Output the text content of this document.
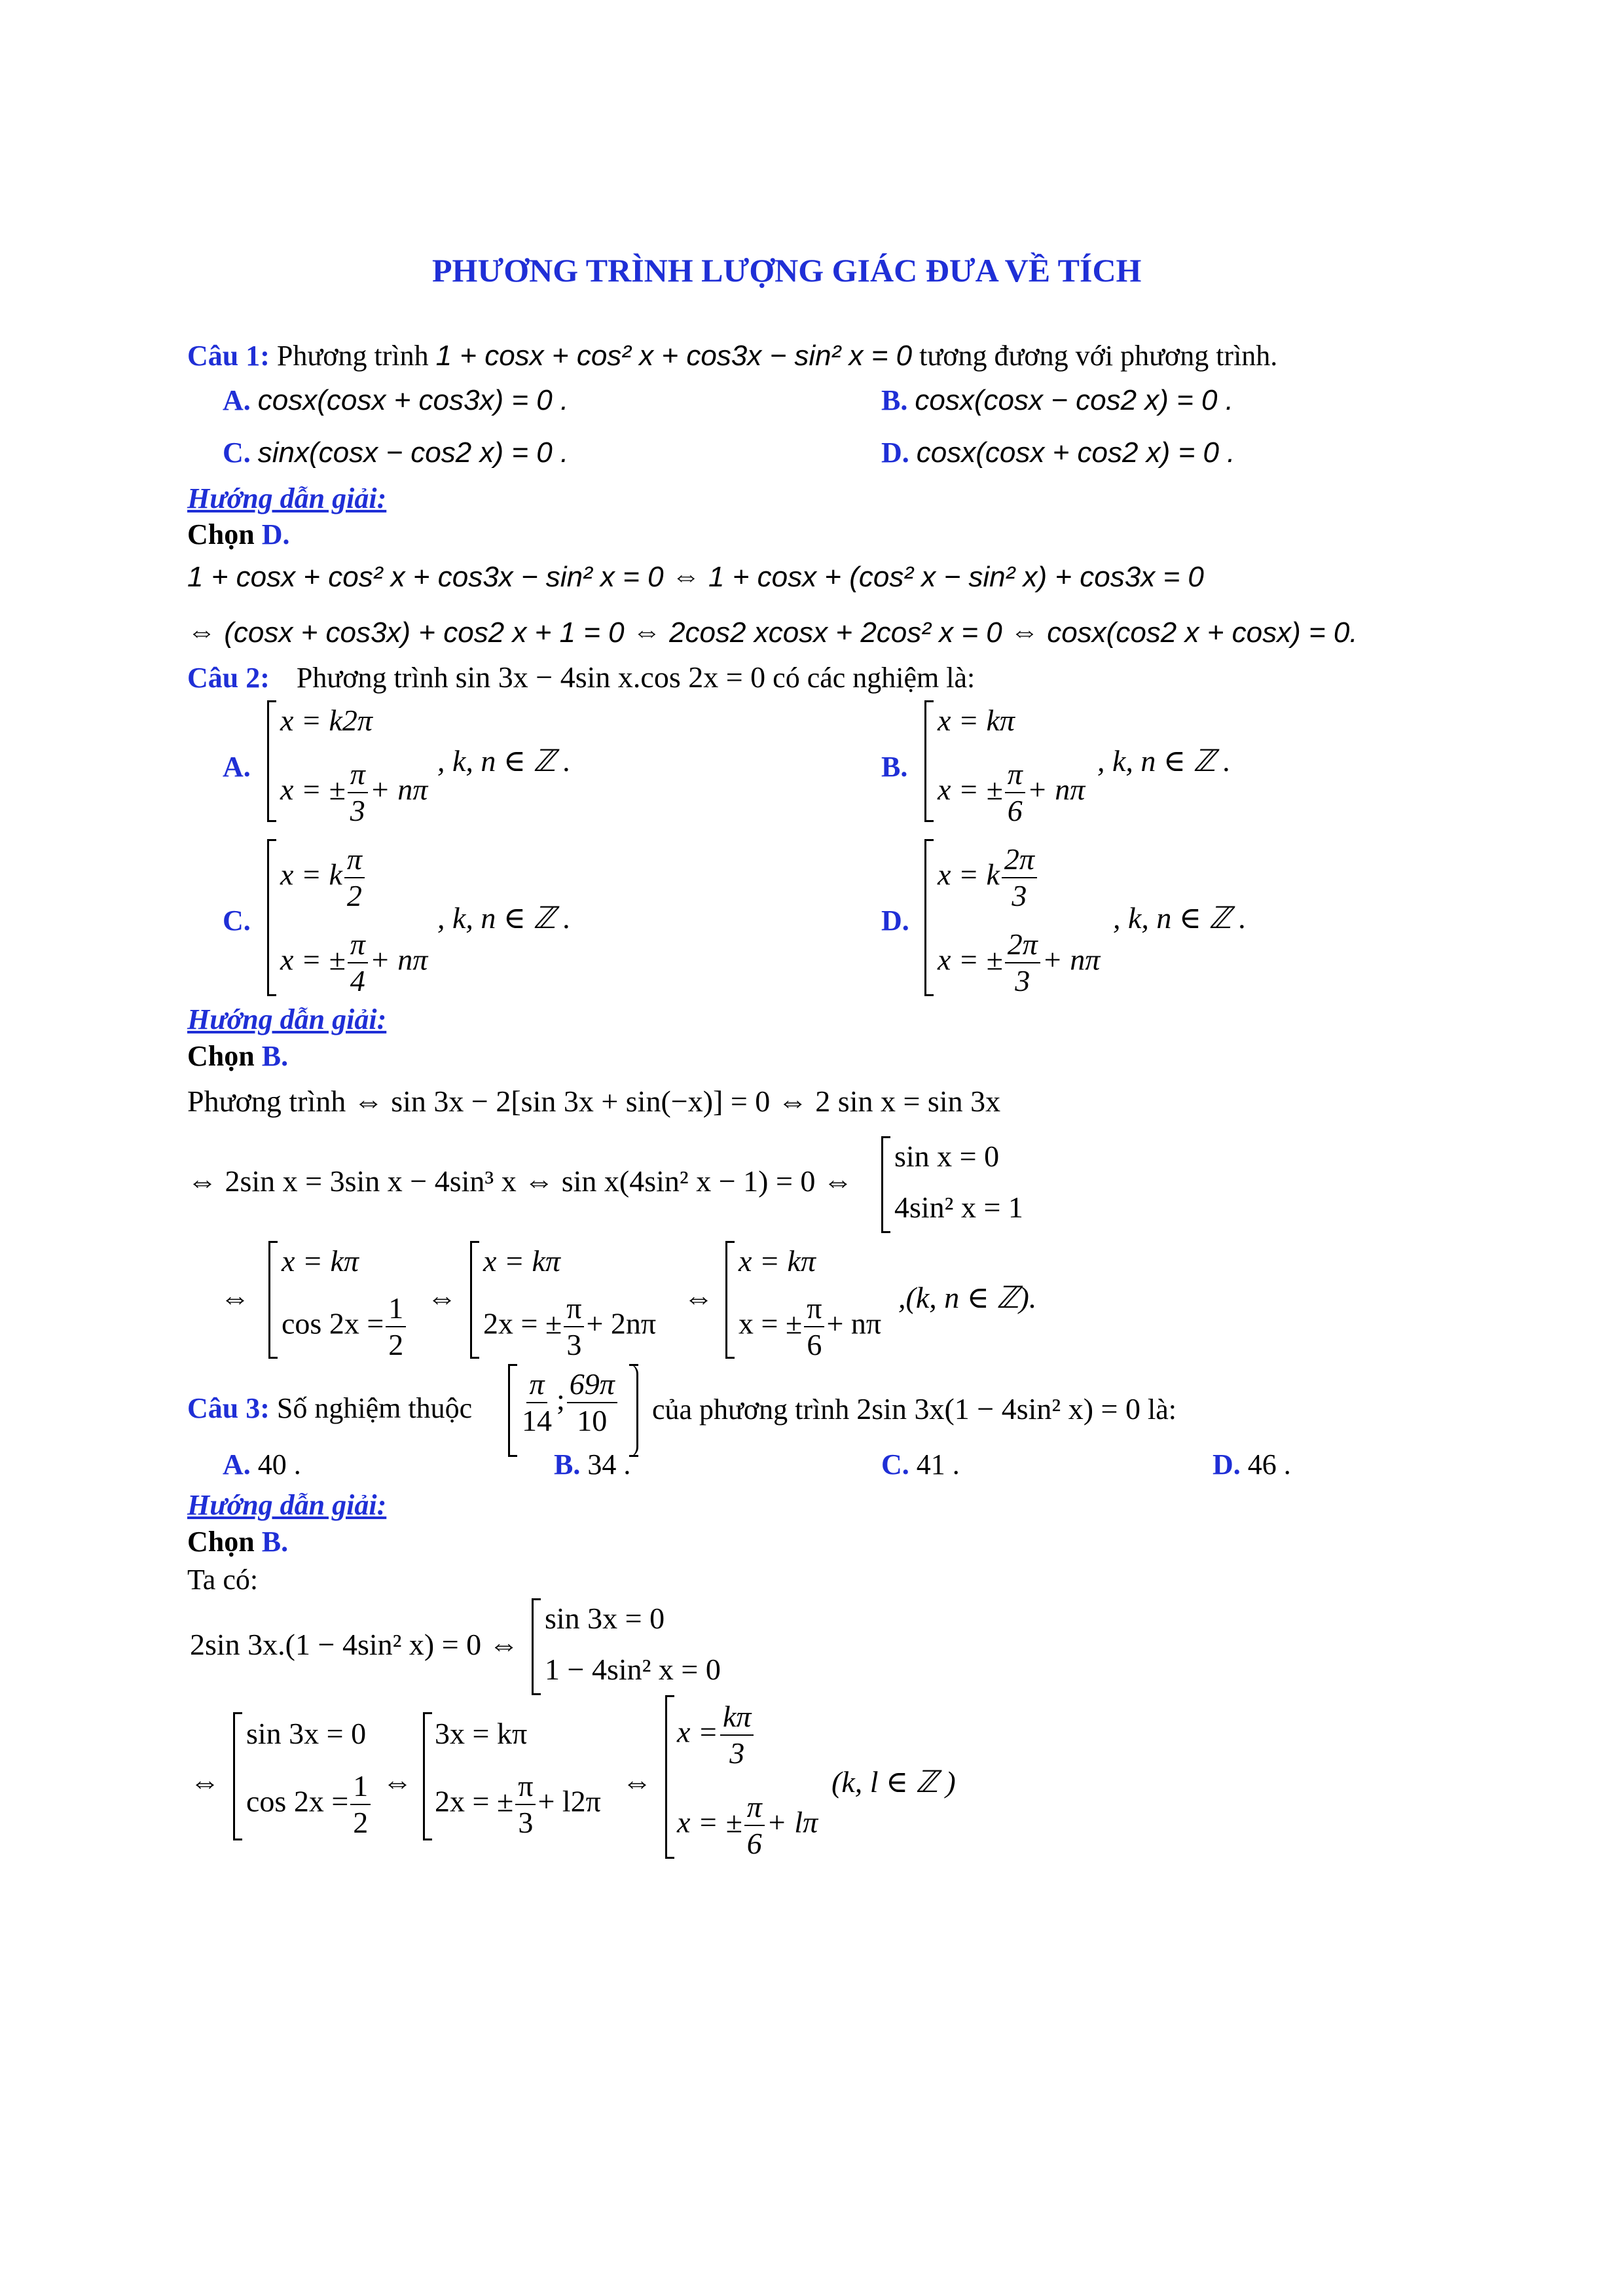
PHƯƠNG TRÌNH LƯỢNG GIÁC ĐƯA VỀ TÍCH
Câu 1: Phương trình 1 + cosx + cos² x + cos3x − sin² x = 0 tương đương với phương trình.
A. cosx(cosx + cos3x) = 0 .	B. cosx(cosx − cos2 x) = 0 .
C. sinx(cosx − cos2 x) = 0 .	D. cosx(cosx + cos2 x) = 0 .
Hướng dẫn giải:
Chọn D.
1 + cosx + cos² x + cos3x − sin² x = 0 ⇔ 1 + cosx + (cos² x − sin² x) + cos3x = 0
⇔ (cosx + cos3x) + cos2 x + 1 = 0 ⇔ 2cos2 xcosx + 2cos² x = 0 ⇔ cosx(cos2 x + cosx) = 0.
Câu 2: Phương trình sin 3x − 4sin x.cos 2x = 0 có các nghiệm là:
A.
x = k2π
x = ± $\frac{\pi}{3} + n\pi$
, k, n ∈ ℤ .	B.
x = kπ
x = ± $\frac{\pi}{6} + n\pi$
, k, n ∈ ℤ .
C.
x = k $\frac{\pi}{2}$
x = ± $\frac{\pi}{4} + n\pi$
, k, n ∈ ℤ .	D.
x = k $\frac{2\pi}{3}$
x = ± $\frac{2\pi}{3} + n\pi$
, k, n ∈ ℤ .
Hướng dẫn giải:
Chọn B.
Phương trình ⇔ sin 3x − 2[sin 3x + sin(−x)] = 0 ⇔ 2 sin x = sin 3x
⇔ 2sin x = 3sin x − 4sin³ x ⇔ sin x(4sin² x − 1) = 0 ⇔
sin x = 0
4sin² x = 1
⇔
x = kπ
$\cos 2x = \frac{1}{2}$ ⇔
x = kπ
2x = ± $\frac{\pi}{3} + 2n\pi$
⇔
x = kπ
x = ± $\frac{\pi}{6} + n\pi$
,(k, n ∈ ℤ).
Câu 3: Số nghiệm thuộc $\frac{\pi}{14}$ ; $\frac{69\pi}{10}$ của phương trình 2sin 3x(1 − 4sin² x) = 0 là:
A. 40 .	B. 34 .	C. 41 .	D. 46 .
Hướng dẫn giải:
Chọn B.
Ta có:
2sin 3x.(1 − 4sin² x) = 0 ⇔
sin 3x = 0
1 − 4sin² x = 0
⇔
sin 3x = 0
$\cos 2x = \frac{1}{2}$ ⇔
3x = kπ
2x = ± $\frac{\pi}{3} + l2\pi$
⇔
$x = \frac{k\pi}{3}$
x = ± $\frac{\pi}{6} + l\pi$
(k, l ∈ ℤ )
